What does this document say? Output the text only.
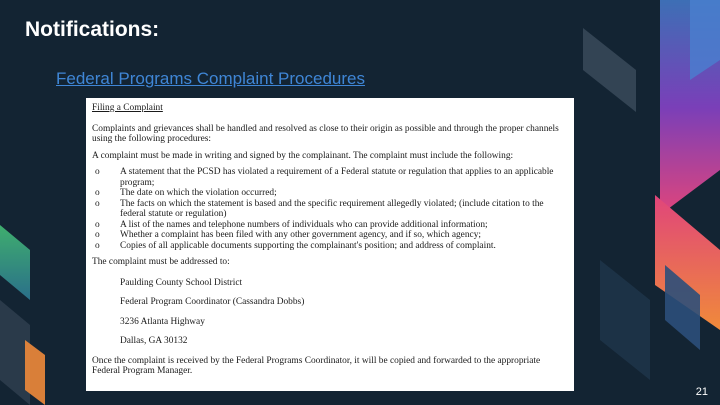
Notifications:
Federal Programs Complaint Procedures
Filing a Complaint
Complaints and grievances shall be handled and resolved as close to their origin as possible and through the proper channels using the following procedures:
A complaint must be made in writing and signed by the complainant. The complaint must include the following:
o A statement that the PCSD has violated a requirement of a Federal statute or regulation that applies to an applicable program;
o The date on which the violation occurred;
o The facts on which the statement is based and the specific requirement allegedly violated; (include citation to the federal statute or regulation)
o A list of the names and telephone numbers of individuals who can provide additional information;
o Whether a complaint has been filed with any other government agency, and if so, which agency;
o Copies of all applicable documents supporting the complainant's position; and address of complaint.
The complaint must be addressed to:
Paulding County School District
Federal Program Coordinator (Cassandra Dobbs)
3236 Atlanta Highway
Dallas, GA 30132
Once the complaint is received by the Federal Programs Coordinator, it will be copied and forwarded to the appropriate Federal Program Manager.
21
